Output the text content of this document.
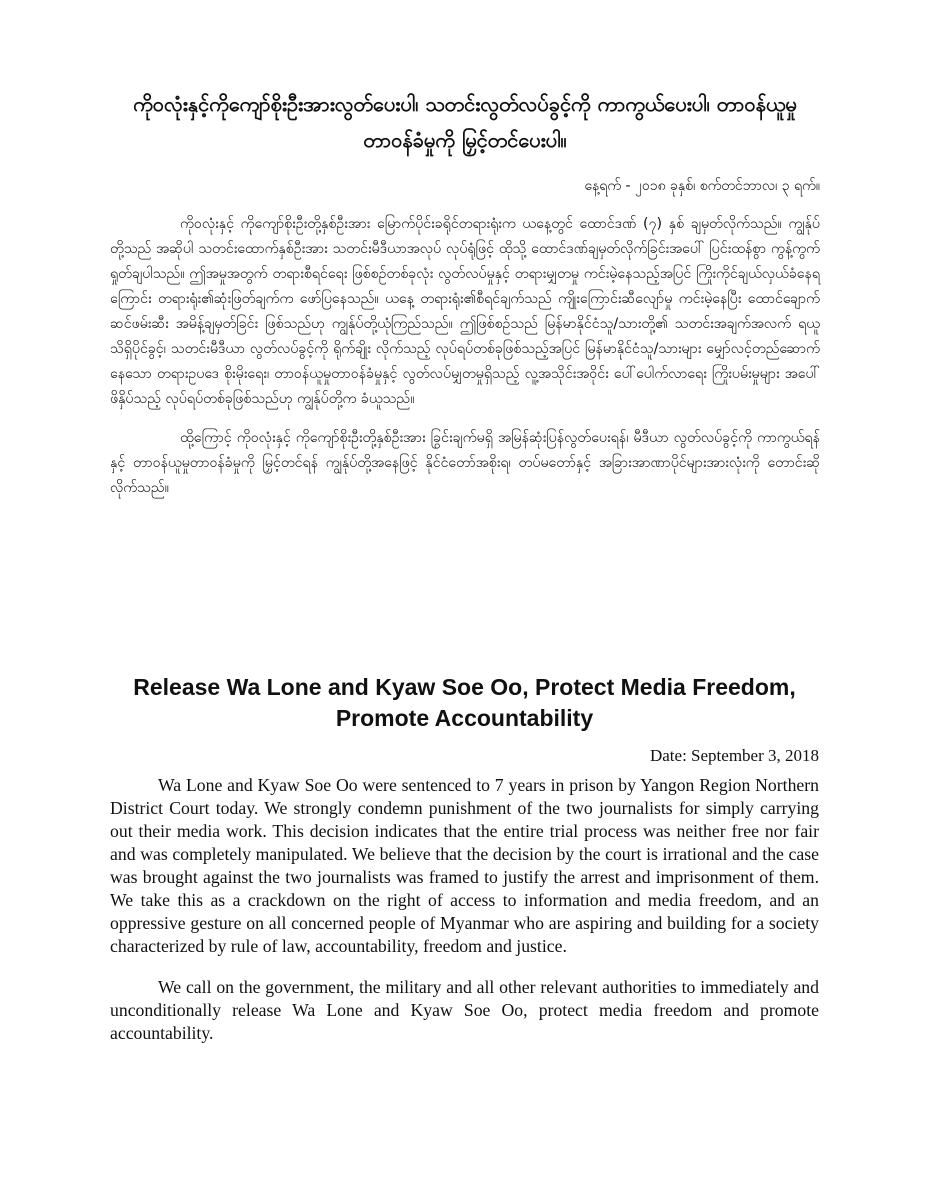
ကိုဝလုံးနှင့်ကိုကျော်စိုးဦးအားလွတ်ပေးပါ၊ သတင်းလွတ်လပ်ခွင့်ကို ကာကွယ်ပေးပါ၊ တာဝန်ယူမှုတာဝန်ခံမှုကို မြှင့်တင်ပေးပါ။
နေ့ရက် - ၂၀၁၈ ခုနှစ်၊ စက်တင်ဘာလ၊ ၃ ရက်။

ကိုဝလုံးနှင့် ကိုကျော်စိုးဦးတို့နှစ်ဦးအား မြောက်ပိုင်းခရိုင်တရားရုံးက ယနေ့တွင် ထောင်ဒဏ် (၇) နှစ် ချမှတ်လိုက်သည်။ ကျွန်ုပ်တို့သည် အဆိုပါ သတင်းထောက်နှစ်ဦးအား သတင်းမီဒီယာအလုပ် လုပ်ရုံဖြင့် ထိုသို့ ထောင်ဒဏ်ချမှတ်လိုက်ခြင်းအပေါ် ပြင်းထန်စွာ ကွန့်ကွက်ရှုတ်ချပါသည်။ ဤအမှုအတွက် တရားစီရင်ရေး ဖြစ်စဉ်တစ်ခုလုံး လွတ်လပ်မှုနှင့် တရားမျှတမှု ကင်းမဲ့နေသည့်အပြင် ကြိုးကိုင်ချယ်လှယ်ခံနေရကြောင်း တရားရုံး၏ဆုံးဖြတ်ချက်က ဖော်ပြနေသည်။ ယနေ့ တရားရုံး၏စီရင်ချက်သည် ကျိုးကြောင်းဆီလျော်မှု ကင်းမဲ့နေပြီး ထောင်ချောက်ဆင်ဖမ်းဆီး အမိန့်ချမှတ်ခြင်း ဖြစ်သည်ဟု ကျွန်ုပ်တို့ယုံကြည်သည်။ ဤဖြစ်စဉ်သည် မြန်မာနိုင်ငံသူ/သားတို့၏ သတင်းအချက်အလက် ရယူသိရှိပိုင်ခွင့်၊ သတင်းမီဒီယာ လွတ်လပ်ခွင့်ကို ရိုက်ချိုး လိုက်သည့် လုပ်ရပ်တစ်ခုဖြစ်သည့်အပြင် မြန်မာနိုင်ငံသူ/သားများ မျှော်လင့်တည်ဆောက်နေသော တရားဥပဒေ စိုးမိုးရေး၊ တာဝန်ယူမှုတာဝန်ခံမှုနှင့် လွတ်လပ်မျှတမှုရှိသည့် လူ့အသိုင်းအဝိုင်း ပေါ်ပေါက်လာရေး ကြိုးပမ်းမှုများ အပေါ် ဖိနှိပ်သည့် လုပ်ရပ်တစ်ခုဖြစ်သည်ဟု ကျွန်ုပ်တို့က ခံယူသည်။

ထို့ကြောင့် ကိုဝလုံးနှင့် ကိုကျော်စိုးဦးတို့နှစ်ဦးအား ခြွင်းချက်မရှိ အမြန်ဆုံးပြန်လွတ်ပေးရန်၊ မီဒီယာ လွတ်လပ်ခွင့်ကို ကာကွယ်ရန်နှင့် တာဝန်ယူမှုတာဝန်ခံမှုကို မြှင့်တင်ရန် ကျွန်ုပ်တို့အနေဖြင့် နိုင်ငံတော်အစိုးရ၊ တပ်မတော်နှင့် အခြားအာဏာပိုင်များအားလုံးကို တောင်းဆိုလိုက်သည်။

Release Wa Lone and Kyaw Soe Oo, Protect Media Freedom, Promote Accountability
Date: September 3, 2018

Wa Lone and Kyaw Soe Oo were sentenced to 7 years in prison by Yangon Region Northern District Court today. We strongly condemn punishment of the two journalists for simply carrying out their media work. This decision indicates that the entire trial process was neither free nor fair and was completely manipulated. We believe that the decision by the court is irrational and the case was brought against the two journalists was framed to justify the arrest and imprisonment of them. We take this as a crackdown on the right of access to information and media freedom, and an oppressive gesture on all concerned people of Myanmar who are aspiring and building for a society characterized by rule of law, accountability, freedom and justice.

We call on the government, the military and all other relevant authorities to immediately and unconditionally release Wa Lone and Kyaw Soe Oo, protect media freedom and promote accountability.
